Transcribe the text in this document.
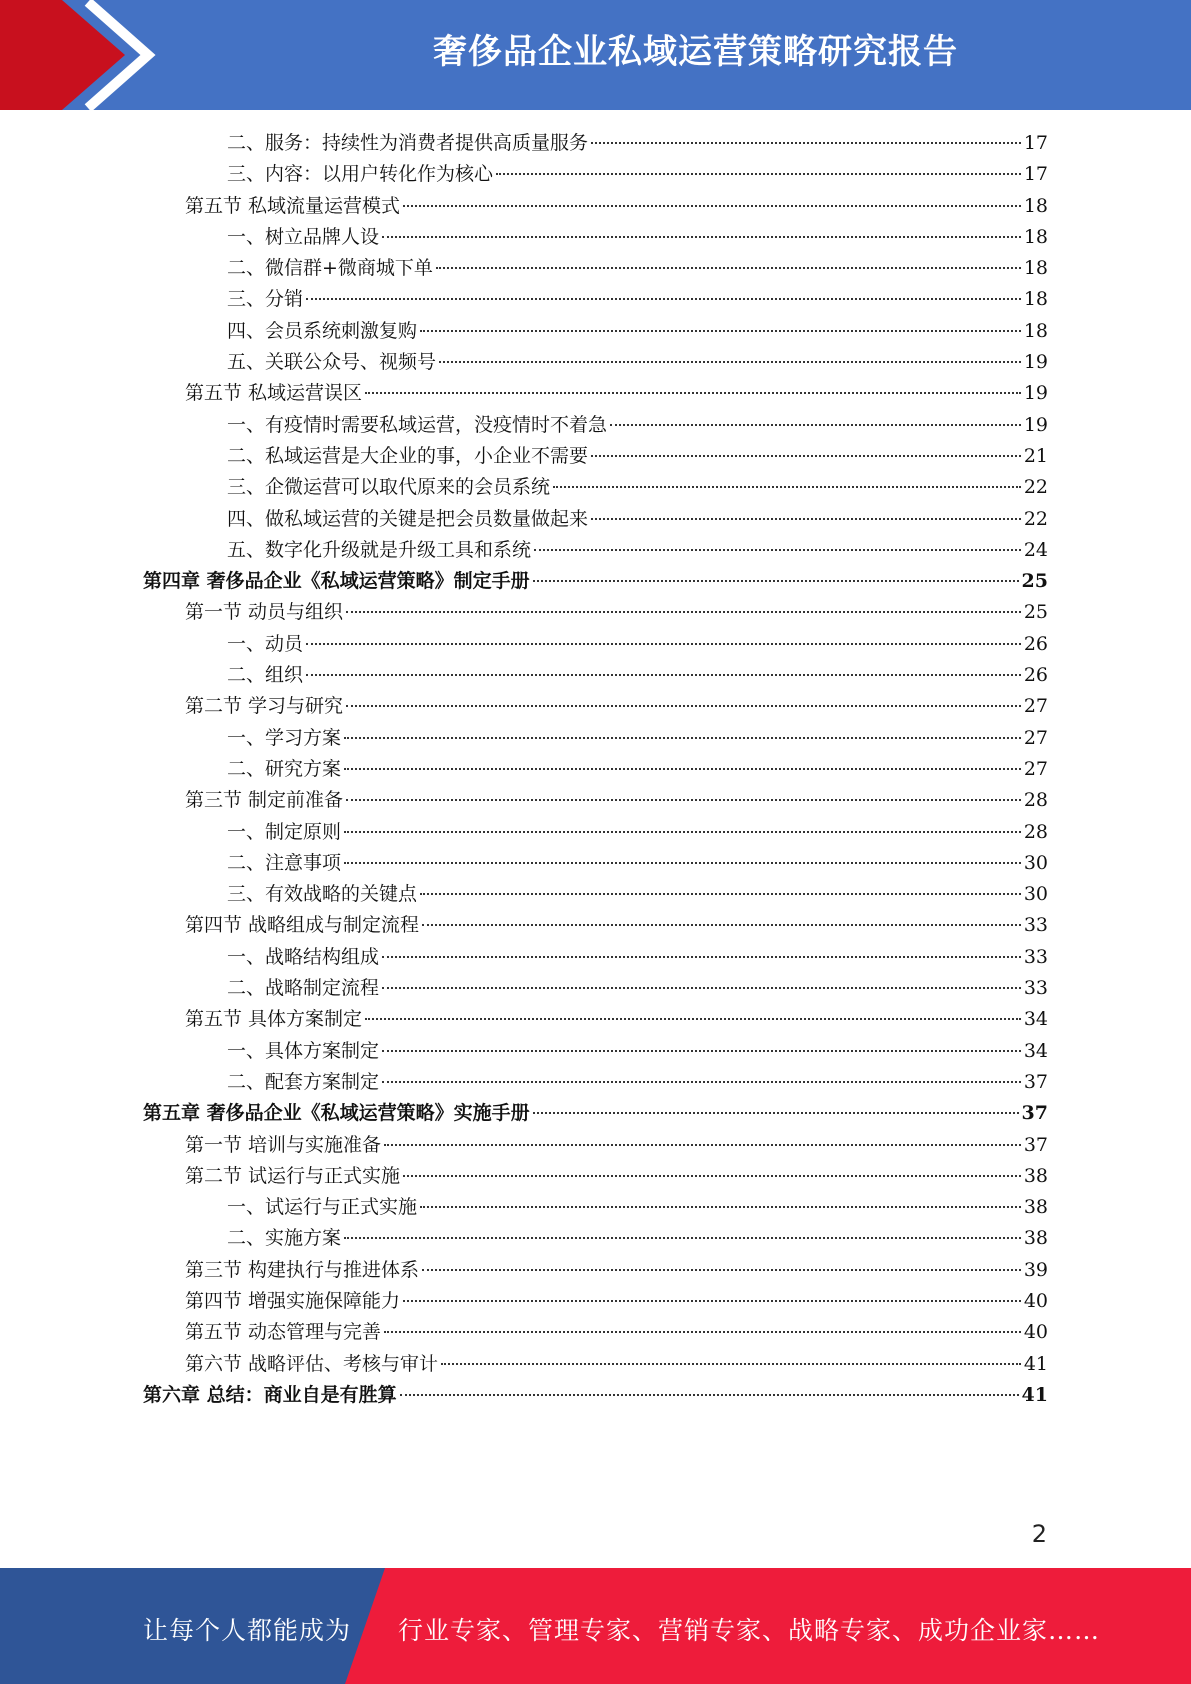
奢侈品企业私域运营策略研究报告
二、服务：持续性为消费者提供高质量服务	17
三、内容：以用户转化作为核心	17
第五节 私域流量运营模式	18
一、树立品牌人设	18
二、微信群+微商城下单	18
三、分销	18
四、会员系统刺激复购	18
五、关联公众号、视频号	19
第五节 私域运营误区	19
一、有疫情时需要私域运营，没疫情时不着急	19
二、私域运营是大企业的事，小企业不需要	21
三、企微运营可以取代原来的会员系统	22
四、做私域运营的关键是把会员数量做起来	22
五、数字化升级就是升级工具和系统	24
第四章 奢侈品企业《私域运营策略》制定手册	25
第一节 动员与组织	25
一、动员	26
二、组织	26
第二节 学习与研究	27
一、学习方案	27
二、研究方案	27
第三节 制定前准备	28
一、制定原则	28
二、注意事项	30
三、有效战略的关键点	30
第四节 战略组成与制定流程	33
一、战略结构组成	33
二、战略制定流程	33
第五节 具体方案制定	34
一、具体方案制定	34
二、配套方案制定	37
第五章 奢侈品企业《私域运营策略》实施手册	37
第一节 培训与实施准备	37
第二节 试运行与正式实施	38
一、试运行与正式实施	38
二、实施方案	38
第三节 构建执行与推进体系	39
第四节 增强实施保障能力	40
第五节 动态管理与完善	40
第六节 战略评估、考核与审计	41
第六章 总结：商业自是有胜算	41
2
让每个人都能成为 行业专家、管理专家、营销专家、战略专家、成功企业家……
